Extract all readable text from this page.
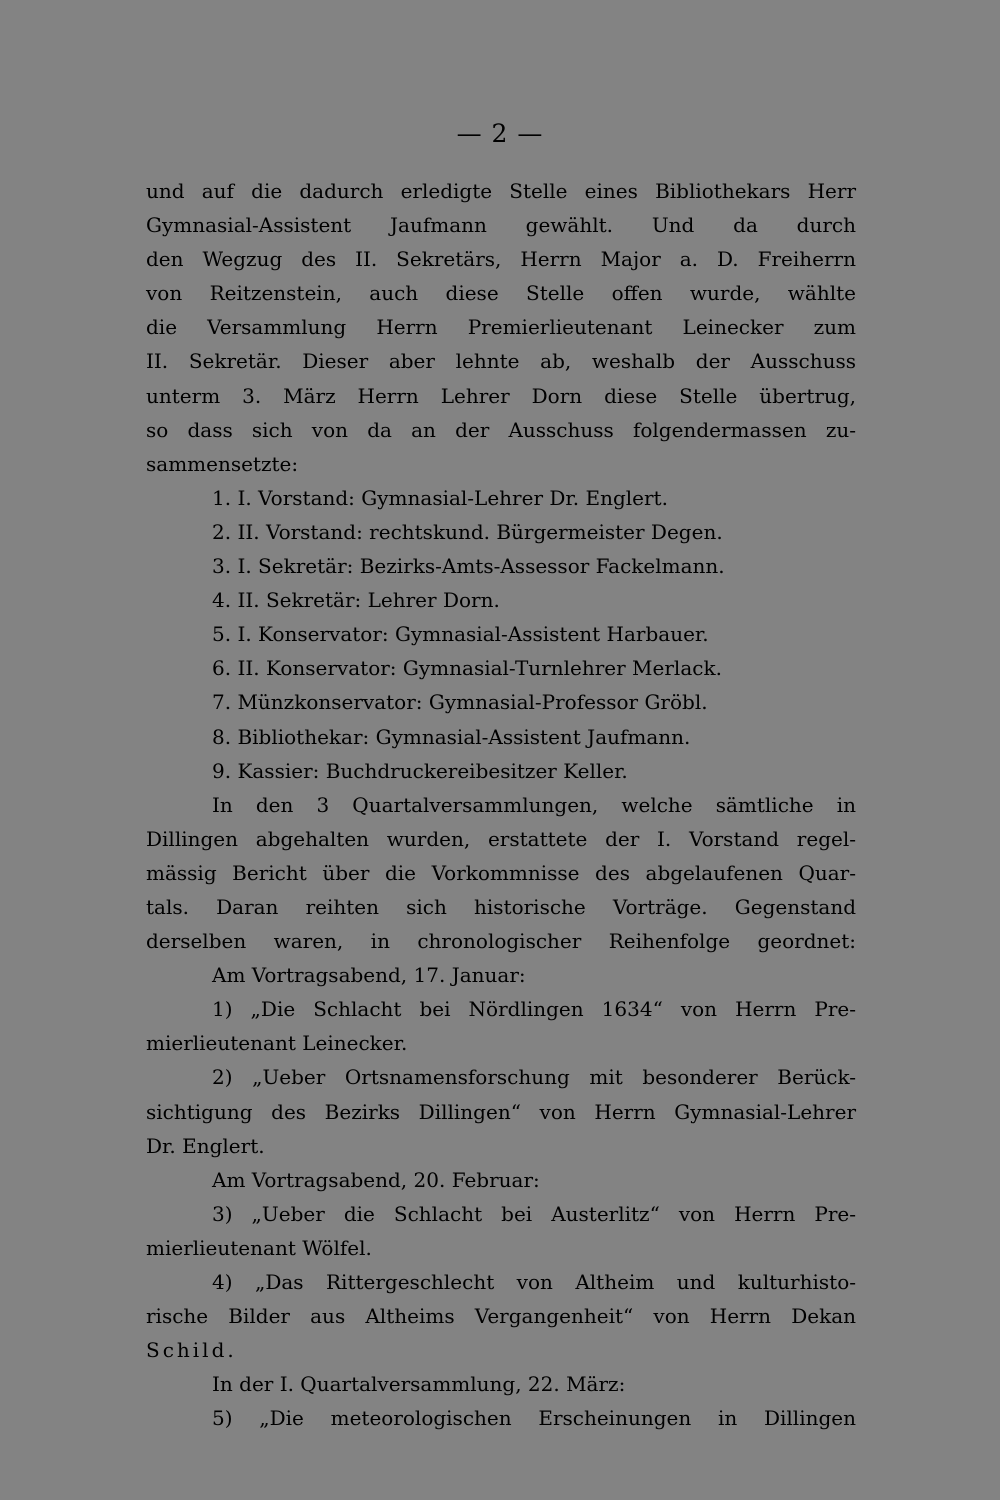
— 2 —
und auf die dadurch erledigte Stelle eines Bibliothekars Herr
Gymnasial-Assistent Jaufmann gewählt. Und da durch
den Wegzug des II. Sekretärs, Herrn Major a. D. Freiherrn
von Reitzenstein, auch diese Stelle offen wurde, wählte
die Versammlung Herrn Premierlieutenant Leinecker zum
II. Sekretär. Dieser aber lehnte ab, weshalb der Ausschuss
unterm 3. März Herrn Lehrer Dorn diese Stelle übertrug,
so dass sich von da an der Ausschuss folgendermassen zu-
sammensetzte:
1. I. Vorstand: Gymnasial-Lehrer Dr. Englert.
2. II. Vorstand: rechtskund. Bürgermeister Degen.
3. I. Sekretär: Bezirks-Amts-Assessor Fackelmann.
4. II. Sekretär: Lehrer Dorn.
5. I. Konservator: Gymnasial-Assistent Harbauer.
6. II. Konservator: Gymnasial-Turnlehrer Merlack.
7. Münzkonservator: Gymnasial-Professor Gröbl.
8. Bibliothekar: Gymnasial-Assistent Jaufmann.
9. Kassier: Buchdruckereibesitzer Keller.
In den 3 Quartalversammlungen, welche sämtliche in
Dillingen abgehalten wurden, erstattete der I. Vorstand regel-
mässig Bericht über die Vorkommnisse des abgelaufenen Quar-
tals. Daran reihten sich historische Vorträge. Gegenstand
derselben waren, in chronologischer Reihenfolge geordnet:
Am Vortragsabend, 17. Januar:
1) „Die Schlacht bei Nördlingen 1634“ von Herrn Pre-
mierlieutenant Leinecker.
2) „Ueber Ortsnamensforschung mit besonderer Berück-
sichtigung des Bezirks Dillingen“ von Herrn Gymnasial-Lehrer
Dr. Englert.
Am Vortragsabend, 20. Februar:
3) „Ueber die Schlacht bei Austerlitz“ von Herrn Pre-
mierlieutenant Wölfel.
4) „Das Rittergeschlecht von Altheim und kulturhisto-
rische Bilder aus Altheims Vergangenheit“ von Herrn Dekan
Schild.
In der I. Quartalversammlung, 22. März:
5) „Die meteorologischen Erscheinungen in Dillingen
